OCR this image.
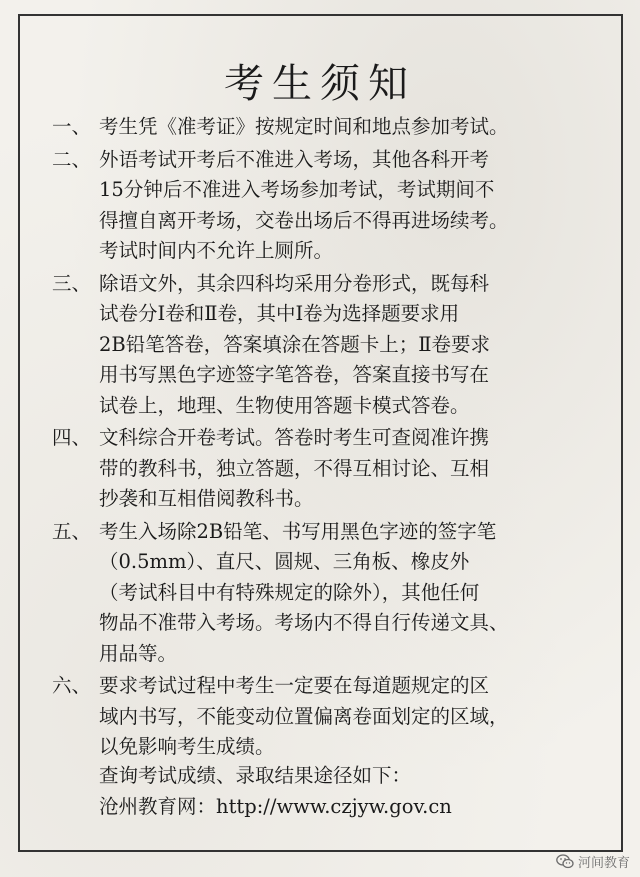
考生须知
一、 考生凭《准考证》按规定时间和地点参加考试。
二、 外语考试开考后不准进入考场，其他各科开考
15分钟后不准进入考场参加考试，考试期间不
得擅自离开考场，交卷出场后不得再进场续考。
考试时间内不允许上厕所。
三、 除语文外，其余四科均采用分卷形式，既每科
试卷分Ⅰ卷和Ⅱ卷，其中Ⅰ卷为选择题要求用
2B铅笔答卷，答案填涂在答题卡上；Ⅱ卷要求
用书写黑色字迹签字笔答卷，答案直接书写在
试卷上，地理、生物使用答题卡模式答卷。
四、 文科综合开卷考试。答卷时考生可查阅准许携
带的教科书，独立答题，不得互相讨论、互相
抄袭和互相借阅教科书。
五、 考生入场除2B铅笔、书写用黑色字迹的签字笔
（0.5mm）、直尺、圆规、三角板、橡皮外
（考试科目中有特殊规定的除外），其他任何
物品不准带入考场。考场内不得自行传递文具、
用品等。
六、 要求考试过程中考生一定要在每道题规定的区
域内书写，不能变动位置偏离卷面划定的区域，
以免影响考生成绩。
查询考试成绩、录取结果途径如下：
沧州教育网：http://www.czjyw.gov.cn
河间教育
